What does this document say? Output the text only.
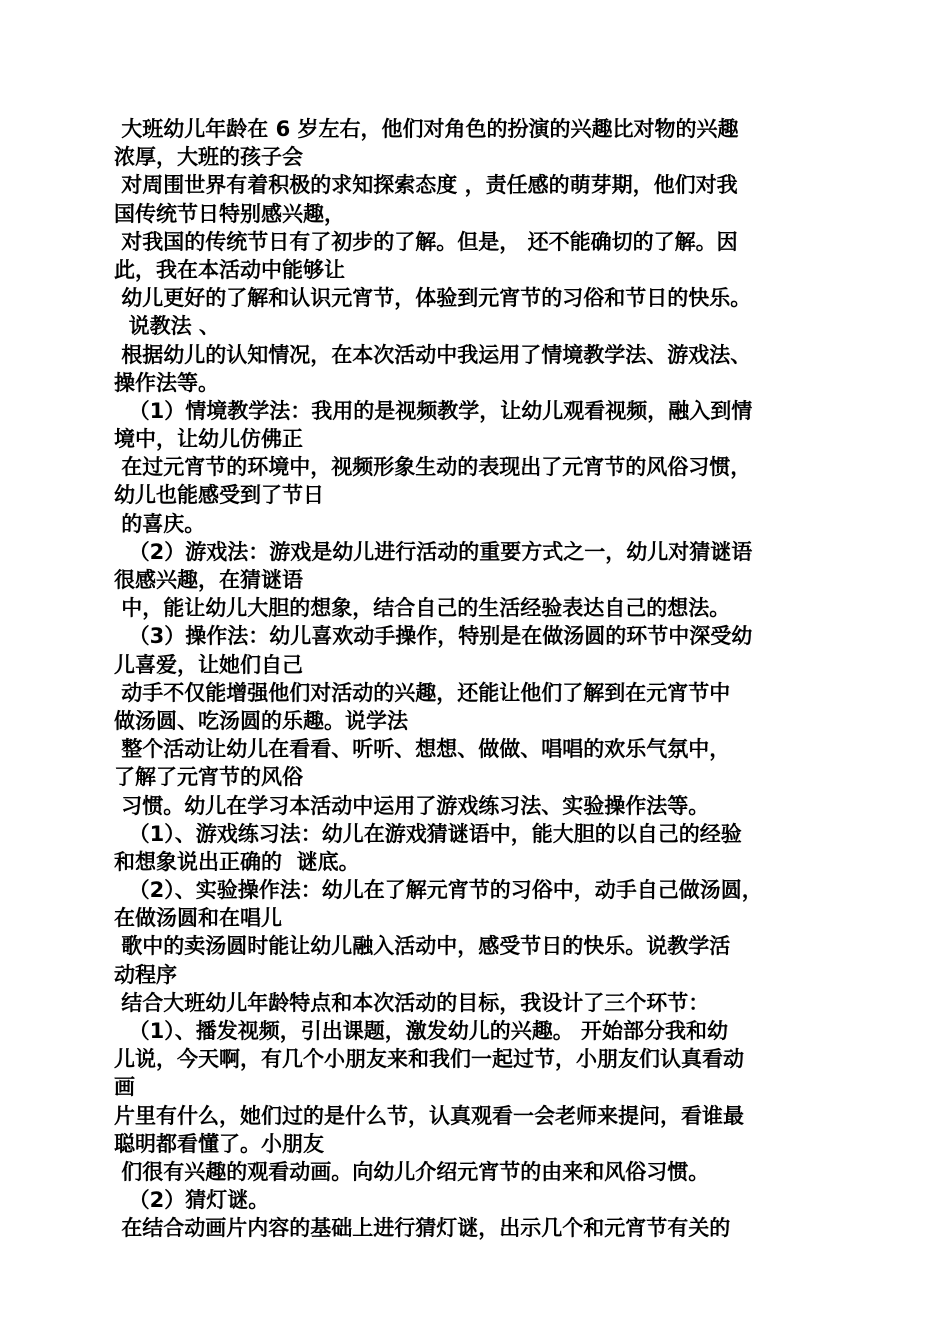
大班幼儿年龄在 6 岁左右，他们对角色的扮演的兴趣比对物的兴趣
浓厚，大班的孩子会
对周围世界有着积极的求知探索态度 ，责任感的萌芽期，他们对我
国传统节日特别感兴趣，
对我国的传统节日有了初步的了解。但是， 还不能确切的了解。因
此，我在本活动中能够让
幼儿更好的了解和认识元宵节，体验到元宵节的习俗和节日的快乐。
说教法 、
根据幼儿的认知情况，在本次活动中我运用了情境教学法、游戏法、
操作法等。
（1）情境教学法：我用的是视频教学，让幼儿观看视频，融入到情
境中，让幼儿仿佛正
在过元宵节的环境中，视频形象生动的表现出了元宵节的风俗习惯，
幼儿也能感受到了节日
的喜庆。
（2）游戏法：游戏是幼儿进行活动的重要方式之一，幼儿对猜谜语
很感兴趣，在猜谜语
中，能让幼儿大胆的想象，结合自己的生活经验表达自己的想法。
（3）操作法：幼儿喜欢动手操作，特别是在做汤圆的环节中深受幼
儿喜爱，让她们自己
动手不仅能增强他们对活动的兴趣，还能让他们了解到在元宵节中
做汤圆、吃汤圆的乐趣。说学法
整个活动让幼儿在看看、听听、想想、做做、唱唱的欢乐气氛中，
了解了元宵节的风俗
习惯。幼儿在学习本活动中运用了游戏练习法、实验操作法等。
（1）、游戏练习法：幼儿在游戏猜谜语中，能大胆的以自己的经验
和想象说出正确的  谜底。
（2）、实验操作法：幼儿在了解元宵节的习俗中，动手自己做汤圆，
在做汤圆和在唱儿
歌中的卖汤圆时能让幼儿融入活动中，感受节日的快乐。说教学活
动程序
结合大班幼儿年龄特点和本次活动的目标，我设计了三个环节：
（1）、播发视频，引出课题，激发幼儿的兴趣。 开始部分我和幼
儿说，今天啊，有几个小朋友来和我们一起过节，小朋友们认真看动
画
片里有什么，她们过的是什么节，认真观看一会老师来提问，看谁最
聪明都看懂了。小朋友
们很有兴趣的观看动画。向幼儿介绍元宵节的由来和风俗习惯。
（2）猜灯谜。
在结合动画片内容的基础上进行猜灯谜，出示几个和元宵节有关的
